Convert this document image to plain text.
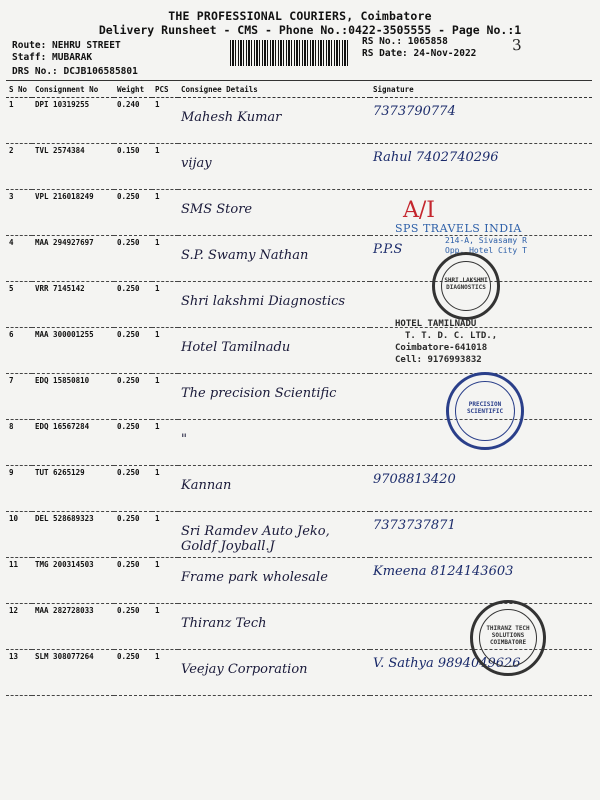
THE PROFESSIONAL COURIERS, Coimbatore
Delivery Runsheet - CMS - Phone No.:0422-3505555 - Page No.:1
Route: NEHRU STREET
Staff: MUBARAK
DRS No.: DCJB106585801
RS No.: 1065858
RS Date: 24-Nov-2022 3
S No	Consignment No	Weight	PCS	Consignee Details	Signature
1	DPI 10319255	0.240	1	Mahesh Kumar	7373790774

2	TVL 2574384	0.150	1	vijay	Rahul 7402740296

3	VPL 216018249	0.250	1	SMS Store	

4	MAA 294927697	0.250	1	S.P. Swamy Nathan	P.P.S

5	VRR 7145142	0.250	1	Shri lakshmi Diagnostics	

6	MAA 300001255	0.250	1	Hotel Tamilnadu	

7	EDQ 15850810	0.250	1	The precision Scientific	

8	EDQ 16567284	0.250	1	"	

9	TUT 6265129	0.250	1	Kannan	9708813420

10	DEL 528689323	0.250	1	Sri Ramdev Auto Jeko, Goldf Joyball.J	7373737871

11	TMG 200314503	0.250	1	Frame park wholesale	Kmeena 8124143603

12	MAA 282728033	0.250	1	Thiranz Tech	

13	SLM 308077264	0.250	1	Veejay Corporation	V. Sathya 9894049626
A/I
SPS TRAVELS INDIA
214-A, Sivasamy R
Opp. Hotel City T
SHRI LAKSHMI DIAGNOSTICS
HOTEL TAMILNADU
T. T. D. C. LTD.,
Coimbatore-641018
Cell: 9176993832
PRECISION SCIENTIFIC
THIRANZ TECH SOLUTIONS COIMBATORE
